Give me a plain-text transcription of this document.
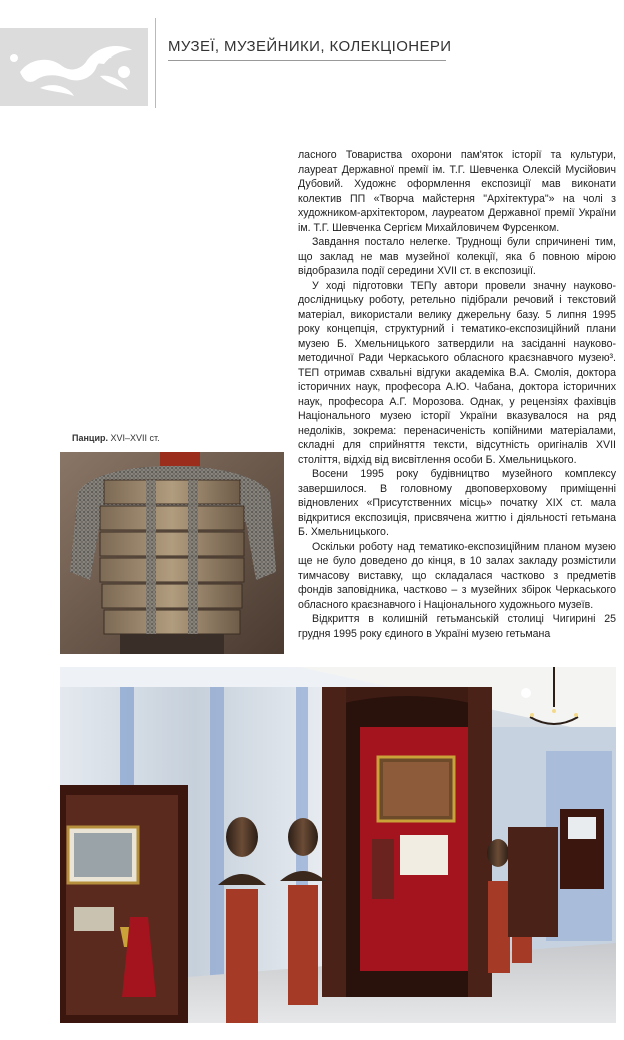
МУЗЕЇ, МУЗЕЙНИКИ, КОЛЕКЦІОНЕРИ

ласного Товариства охорони пам'яток історії та культури, лауреат Державної премії ім. Т.Г. Шевченка Олексій Мусійович Дубовий. Художнє оформлення експозиції мав виконати колектив ПП «Творча майстерня "Архітектура"» на чолі з художником-архітектором, лауреатом Державної премії України ім. Т.Г. Шевченка Сергієм Михайловичем Фурсенком.

Завдання постало нелегке. Труднощі були спричинені тим, що заклад не мав музейної колекції, яка б повною мірою відобразила події середини XVII ст. в експозиції.

У ході підготовки ТЕПу автори провели значну науково-дослідницьку роботу, ретельно підібрали речовий і текстовий матеріал, використали велику джерельну базу. 5 липня 1995 року концепція, структурний і тематико-експозиційний плани музею Б. Хмельницького затвердили на засіданні науково-методичної Ради Черкаського обласного краєзнавчого музею³. ТЕП отримав схвальні відгуки академіка В.А. Смолія, доктора історичних наук, професора А.Ю. Чабана, доктора історичних наук, професора А.Г. Морозова. Однак, у рецензіях фахівців Національного музею історії України вказувалося на ряд недоліків, зокрема: перенасиченість копійними матеріалами, складні для сприйняття тексти, відсутність оригіналів XVII століття, відхід від висвітлення особи Б. Хмельницького.

Восени 1995 року будівництво музейного комплексу завершилося. В головному двоповерховому приміщенні відновлених «Присутственних місць» початку XIX ст. мала відкритися експозиція, присвячена життю і діяльності гетьмана Б. Хмельницького.

Оскільки роботу над тематико-експозиційним планом музею ще не було доведено до кінця, в 10 залах закладу розмістили тимчасову виставку, що складалася частково з предметів фондів заповідника, частково – з музейних збірок Черкаського обласного краєзнавчого і Національного художнього музеїв.

Відкриття в колишній гетьманській столиці Чигирині 25 грудня 1995 року єдиного в Україні музею гетьмана

Панцир. XVI–XVII ст.
